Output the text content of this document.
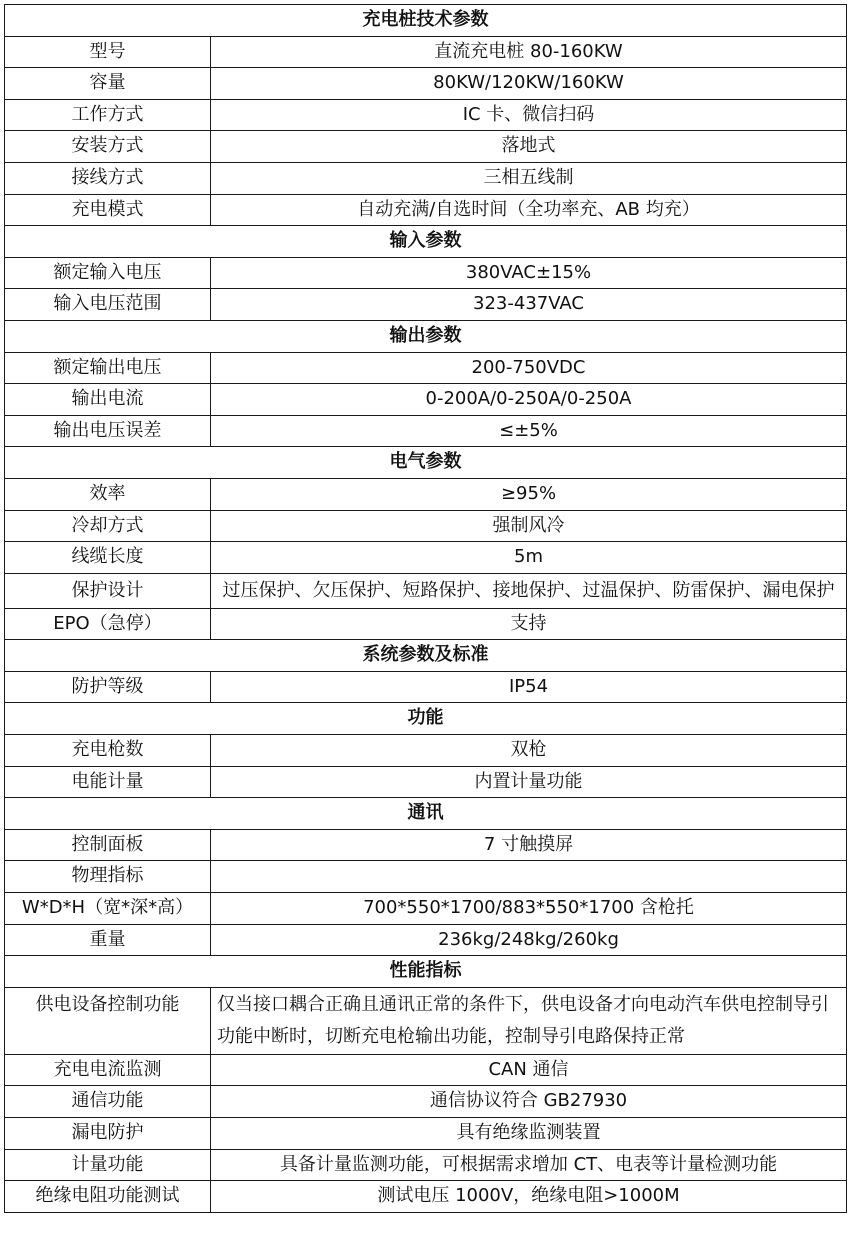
充电桩技术参数	
型号	直流充电桩 80-160KW
容量	80KW/120KW/160KW
工作方式	IC 卡、微信扫码
安装方式	落地式
接线方式	三相五线制
充电模式	自动充满/自选时间（全功率充、AB 均充）
输入参数	
额定输入电压	380VAC±15%
输入电压范围	323-437VAC
输出参数	
额定输出电压	200-750VDC
输出电流	0-200A/0-250A/0-250A
输出电压误差	≤±5%
电气参数	
效率	≥95%
冷却方式	强制风冷
线缆长度	5m
保护设计	过压保护、欠压保护、短路保护、接地保护、过温保护、防雷保护、漏电保护
EPO（急停）	支持
系统参数及标准	
防护等级	IP54
功能	
充电枪数	双枪
电能计量	内置计量功能
通讯	
控制面板	7 寸触摸屏
物理指标	
W*D*H（宽*深*高）	700*550*1700/883*550*1700 含枪托
重量	236kg/248kg/260kg
性能指标	
供电设备控制功能	仅当接口耦合正确且通讯正常的条件下，供电设备才向电动汽车供电控制导引功能中断时，切断充电枪输出功能，控制导引电路保持正常
充电电流监测	CAN 通信
通信功能	通信协议符合 GB27930
漏电防护	具有绝缘监测装置
计量功能	具备计量监测功能，可根据需求增加 CT、电表等计量检测功能
绝缘电阻功能测试	测试电压 1000V，绝缘电阻>1000M
